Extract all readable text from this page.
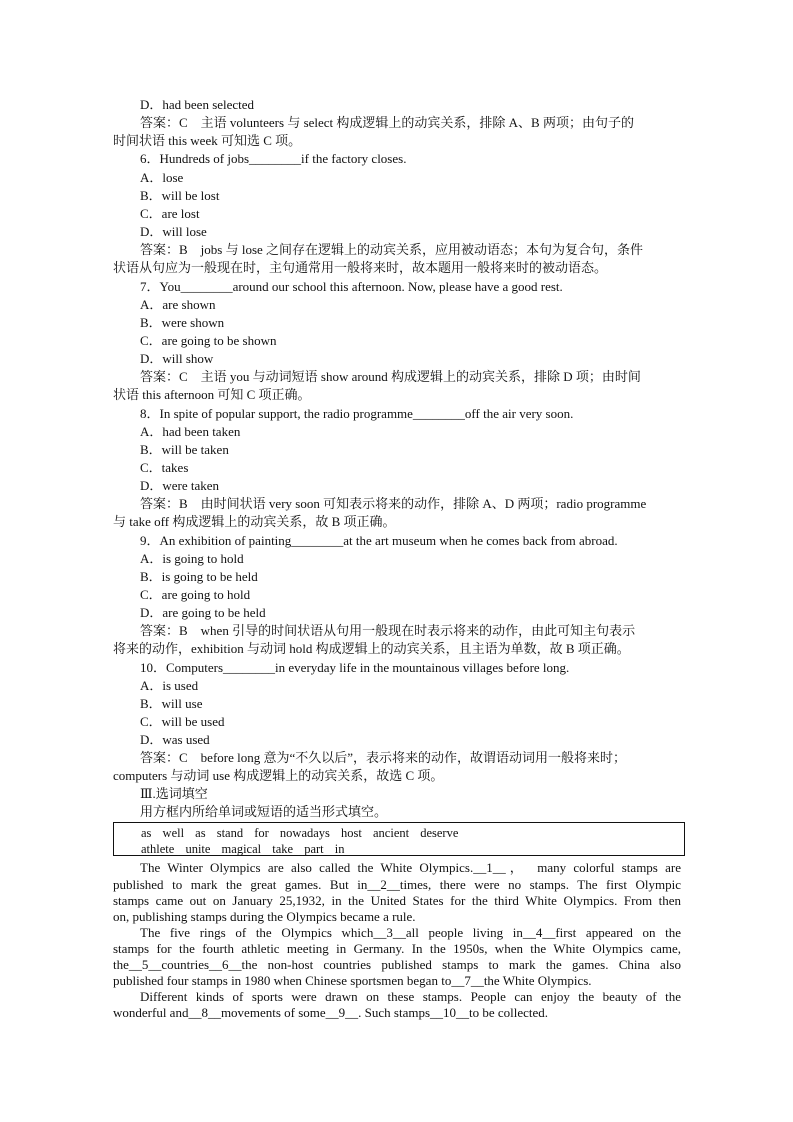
D．had been selected
答案：C　主语 volunteers 与 select 构成逻辑上的动宾关系，排除 A、B 两项；由句子的
时间状语 this week 可知选 C 项。
6．Hundreds of jobs________if the factory closes.
A．lose
B．will be lost
C．are lost
D．will lose
答案：B　jobs 与 lose 之间存在逻辑上的动宾关系，应用被动语态；本句为复合句，条件
状语从句应为一般现在时，主句通常用一般将来时，故本题用一般将来时的被动语态。
7．You________around our school this afternoon. Now, please have a good rest.
A．are shown
B．were shown
C．are going to be shown
D．will show
答案：C　主语 you 与动词短语 show around 构成逻辑上的动宾关系，排除 D 项；由时间
状语 this afternoon 可知 C 项正确。
8．In spite of popular support, the radio programme________off the air very soon.
A．had been taken
B．will be taken
C．takes
D．were taken
答案：B　由时间状语 very soon 可知表示将来的动作，排除 A、D 两项；radio programme
与 take off 构成逻辑上的动宾关系，故 B 项正确。
9．An exhibition of painting________at the art museum when he comes back from abroad.
A．is going to hold
B．is going to be held
C．are going to hold
D．are going to be held
答案：B　when 引导的时间状语从句用一般现在时表示将来的动作，由此可知主句表示
将来的动作，exhibition 与动词 hold 构成逻辑上的动宾关系，且主语为单数，故 B 项正确。
10．Computers________in everyday life in the mountainous villages before long.
A．is used
B．will use
C．will be used
D．was used
答案：C　before long 意为“不久以后”，表示将来的动作，故谓语动词用一般将来时；
computers 与动词 use 构成逻辑上的动宾关系，故选 C 项。
Ⅲ.选词填空
用方框内所给单词或短语的适当形式填空。
as well as stand for nowadays host ancient deserve
athlete unite magical take part in
The Winter Olympics are also called the White Olympics.__1__，　many colorful stamps are
published to mark the great games. But in__2__times, there were no stamps. The first Olympic
stamps came out on January 25,1932, in the United States for the third White Olympics. From then
on, publishing stamps during the Olympics became a rule.
The five rings of the Olympics which__3__all people living in__4__first appeared on the
stamps for the fourth athletic meeting in Germany. In the 1950s, when the White Olympics came,
the__5__countries__6__the non-host countries published stamps to mark the games. China also
published four stamps in 1980 when Chinese sportsmen began to__7__the White Olympics.
Different kinds of sports were drawn on these stamps. People can enjoy the beauty of the
wonderful and__8__movements of some__9__. Such stamps__10__to be collected.
